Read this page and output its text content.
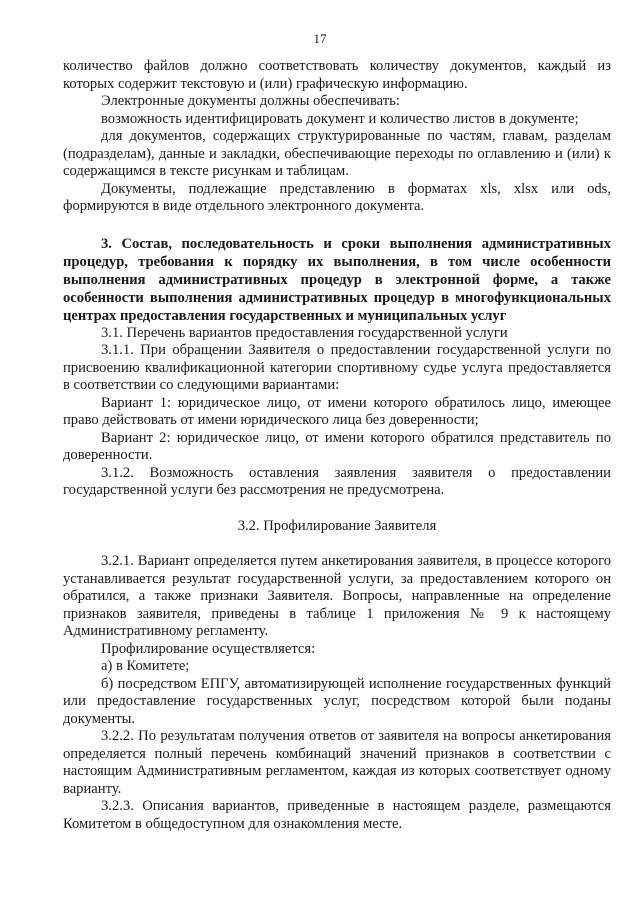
17

количество файлов должно соответствовать количеству документов, каждый из которых содержит текстовую и (или) графическую информацию.

Электронные документы должны обеспечивать:

возможность идентифицировать документ и количество листов в документе;

для документов, содержащих структурированные по частям, главам, разделам (подразделам), данные и закладки, обеспечивающие переходы по оглавлению и (или) к содержащимся в тексте рисункам и таблицам.

Документы, подлежащие представлению в форматах xls, xlsx или ods, формируются в виде отдельного электронного документа.

3. Состав, последовательность и сроки выполнения административных процедур, требования к порядку их выполнения, в том числе особенности выполнения административных процедур в электронной форме, а также особенности выполнения административных процедур в многофункциональных центрах предоставления государственных и муниципальных услуг

3.1. Перечень вариантов предоставления государственной услуги

3.1.1. При обращении Заявителя о предоставлении государственной услуги по присвоению квалификационной категории спортивному судье услуга предоставляется в соответствии со следующими вариантами:

Вариант 1: юридическое лицо, от имени которого обратилось лицо, имеющее право действовать от имени юридического лица без доверенности;

Вариант 2: юридическое лицо, от имени которого обратился представитель по доверенности.

3.1.2. Возможность оставления заявления заявителя о предоставлении государственной услуги без рассмотрения не предусмотрена.

3.2. Профилирование Заявителя

3.2.1. Вариант определяется путем анкетирования заявителя, в процессе которого устанавливается результат государственной услуги, за предоставлением которого он обратился, а также признаки Заявителя. Вопросы, направленные на определение признаков заявителя, приведены в таблице 1 приложения № 9 к настоящему Административному регламенту.

Профилирование осуществляется:

а) в Комитете;

б) посредством ЕПГУ, автоматизирующей исполнение государственных функций или предоставление государственных услуг, посредством которой были поданы документы.

3.2.2. По результатам получения ответов от заявителя на вопросы анкетирования определяется полный перечень комбинаций значений признаков в соответствии с настоящим Административным регламентом, каждая из которых соответствует одному варианту.

3.2.3. Описания вариантов, приведенные в настоящем разделе, размещаются Комитетом в общедоступном для ознакомления месте.
